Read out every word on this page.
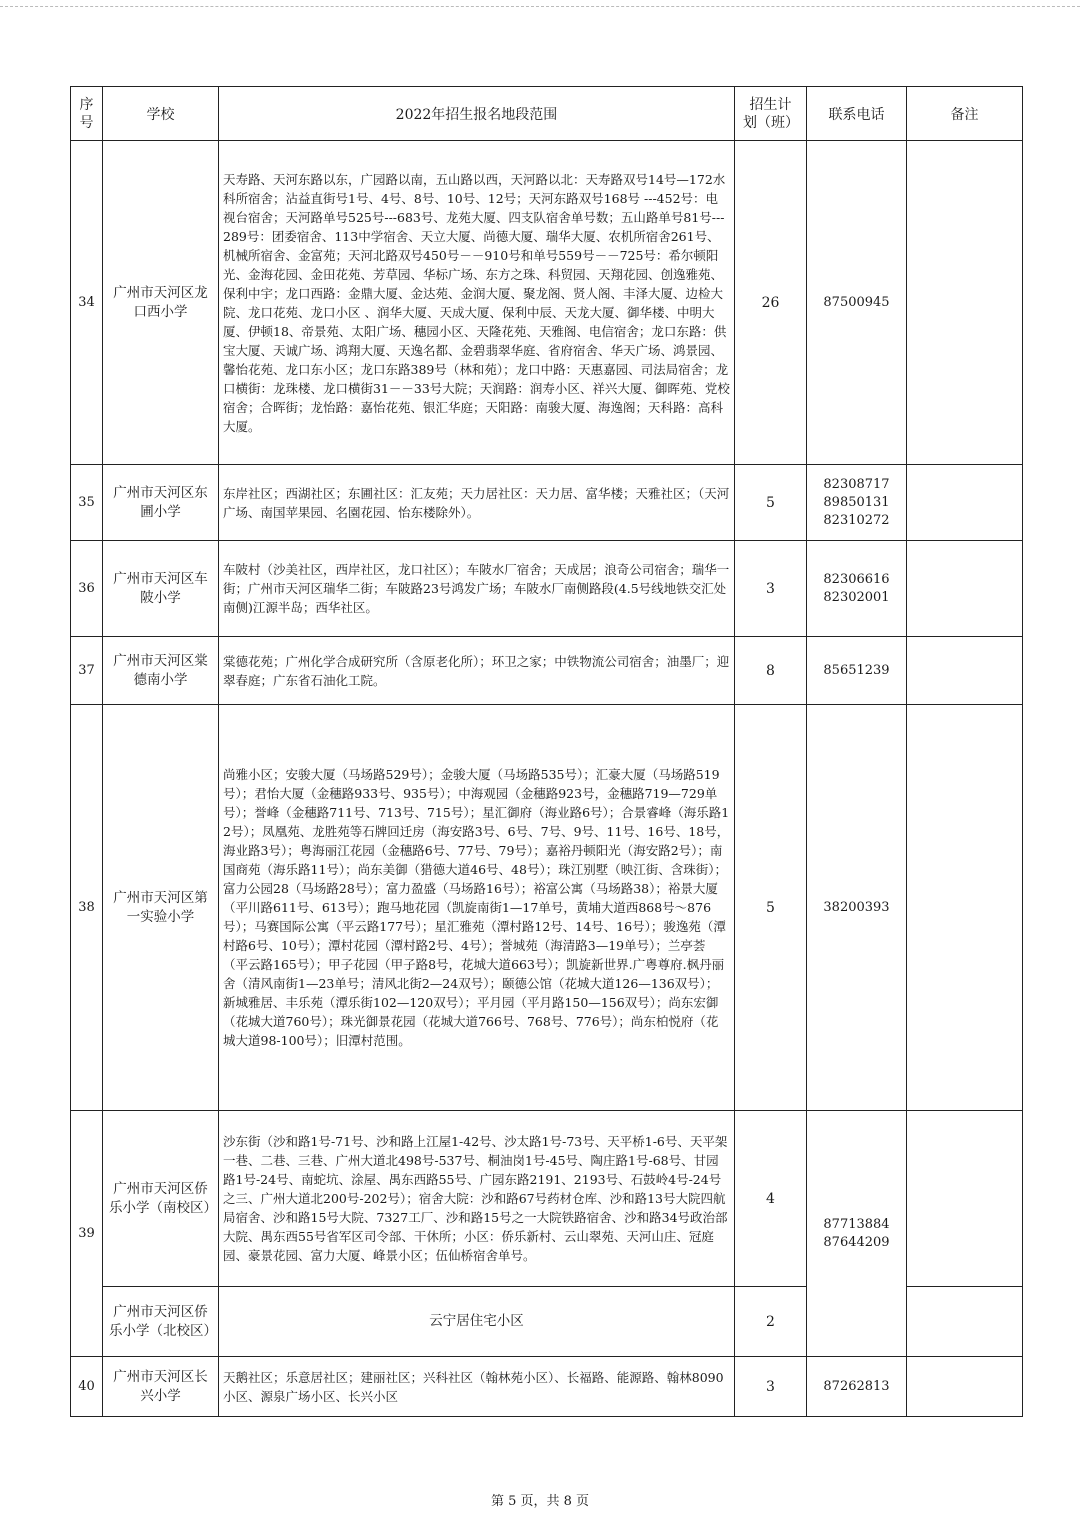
序号	学校	2022年招生报名地段范围	招生计划（班）	联系电话	备注
34	广州市天河区龙口西小学	天寿路、天河东路以东，广园路以南，五山路以西，天河路以北：天寿路双号14号—172水科所宿舍；沾益直街号1号、4号、8号、10号、12号；天河东路双号168号 ---452号：电视台宿舍；天河路单号525号---683号、龙苑大厦、四支队宿舍单号数；五山路单号81号---289号：团委宿舍、113中学宿舍、天立大厦、尚德大厦、瑞华大厦、农机所宿舍261号、机械所宿舍、金富苑；天河北路双号450号－－910号和单号559号－－725号：希尔顿阳光、金海花园、金田花苑、芳草园、华标广场、东方之珠、科贸园、天翔花园、创逸雅苑、保利中宇；龙口西路：金鼎大厦、金达苑、金润大厦、聚龙阁、贤人阁、丰泽大厦、边检大院、龙口花苑、龙口小区 、润华大厦、天成大厦、保利中辰、天龙大厦、御华楼、中明大厦、伊顿18、帝景苑、太阳广场、穗园小区、天隆花苑、天雅阁、电信宿舍；龙口东路：供宝大厦、天诚广场、鸿翔大厦、天逸名都、金碧翡翠华庭、省府宿舍、华天广场、鸿景园、馨怡花苑、龙口东小区；龙口东路389号（林和苑）；龙口中路：天惠嘉园、司法局宿舍；龙口横街：龙珠楼、龙口横街31－－33号大院；天润路：润寿小区、祥兴大厦、御晖苑、党校宿舍；合晖街；龙怡路：嘉怡花苑、银汇华庭；天阳路：南骏大厦、海逸阁；天科路：高科大厦。	26	87500945	

35	广州市天河区东圃小学	东岸社区；西湖社区；东圃社区：汇友苑；天力居社区：天力居、富华楼；天雅社区；（天河广场、南国苹果园、名園花园、怡东楼除外）。	5	82308717
89850131
82310272	

36	广州市天河区车陂小学	车陂村（沙美社区，西岸社区，龙口社区）；车陂水厂宿舍；天成居；浪奇公司宿舍；瑞华一街；广州市天河区瑞华二街；车陂路23号鸿发广场；车陂水厂南侧路段(4.5号线地铁交汇处南侧)江源半岛；西华社区。	3	82306616
82302001	

37	广州市天河区棠德南小学	棠德花苑；广州化学合成研究所（含原老化所）；环卫之家；中铁物流公司宿舍；油墨厂；迎翠春庭；广东省石油化工院。	8	85651239	

38	广州市天河区第一实验小学	尚雅小区；安骏大厦（马场路529号）；金骏大厦（马场路535号）；汇豪大厦（马场路519号）；君怡大厦（金穗路933号、935号）；中海观园（金穗路923号，金穗路719—729单号）；誉峰（金穗路711号、713号、715号）；星汇御府（海业路6号）；合景睿峰（海乐路12号）；凤凰苑、龙胜苑等石牌回迁房（海安路3号、6号、7号、9号、11号、16号、18号，海业路3号）；粤海丽江花园（金穗路6号、77号、79号）；嘉裕丹顿阳光（海安路2号）；南国商苑（海乐路11号）；尚东美御（猎德大道46号、48号）；珠江别墅（映江街、含珠街）；富力公园28（马场路28号）；富力盈盛（马场路16号）；裕富公寓（马场路38）；裕景大厦（平川路611号、613号）；跑马地花园（凯旋南街1—17单号，黄埔大道西868号～876号）；马赛国际公寓（平云路177号）；星汇雅苑（潭村路12号、14号、16号）；骏逸苑（潭村路6号、10号）；潭村花园（潭村路2号、4号）；誉城苑（海清路3—19单号）；兰亭荟（平云路165号）；甲子花园（甲子路8号，花城大道663号）；凯旋新世界.广粤尊府.枫丹丽舍（清风南街1—23单号；清风北街2—24双号）；颐德公馆（花城大道126—136双号）；新城雅居、丰乐苑（潭乐街102—120双号）；平月园（平月路150—156双号）；尚东宏御（花城大道760号）；珠光御景花园（花城大道766号、768号、776号）；尚东柏悦府（花城大道98-100号）；旧潭村范围。	5	38200393	

39	广州市天河区侨乐小学（南校区）	沙东街（沙和路1号-71号、沙和路上江屋1-42号、沙太路1号-73号、天平桥1-6号、天平架一巷、二巷、三巷、广州大道北498号-537号、桐油岗1号-45号、陶庄路1号-68号、甘园路1号-24号、南蛇坑、涂屋、禺东西路55号、广园东路2191、2193号、石鼓岭4号-24号之三、广州大道北200号-202号）；宿舍大院：沙和路67号药材仓库、沙和路13号大院四航局宿舍、沙和路15号大院、7327工厂、沙和路15号之一大院铁路宿舍、沙和路34号政治部大院、禺东西55号省军区司令部、干休所；小区：侨乐新村、云山翠苑、天河山庄、冠庭园、豪景花园、富力大厦、峰景小区；伍仙桥宿舍单号。	4	87713884
87644209	

	广州市天河区侨乐小学（北校区）	云宁居住宅小区	2		
40	广州市天河区长兴小学	天鹅社区；乐意居社区；建丽社区；兴科社区（翰林苑小区）、长福路、能源路、翰林8090小区、源泉广场小区、长兴小区	3	87262813	

第 5 页，共 8 页
